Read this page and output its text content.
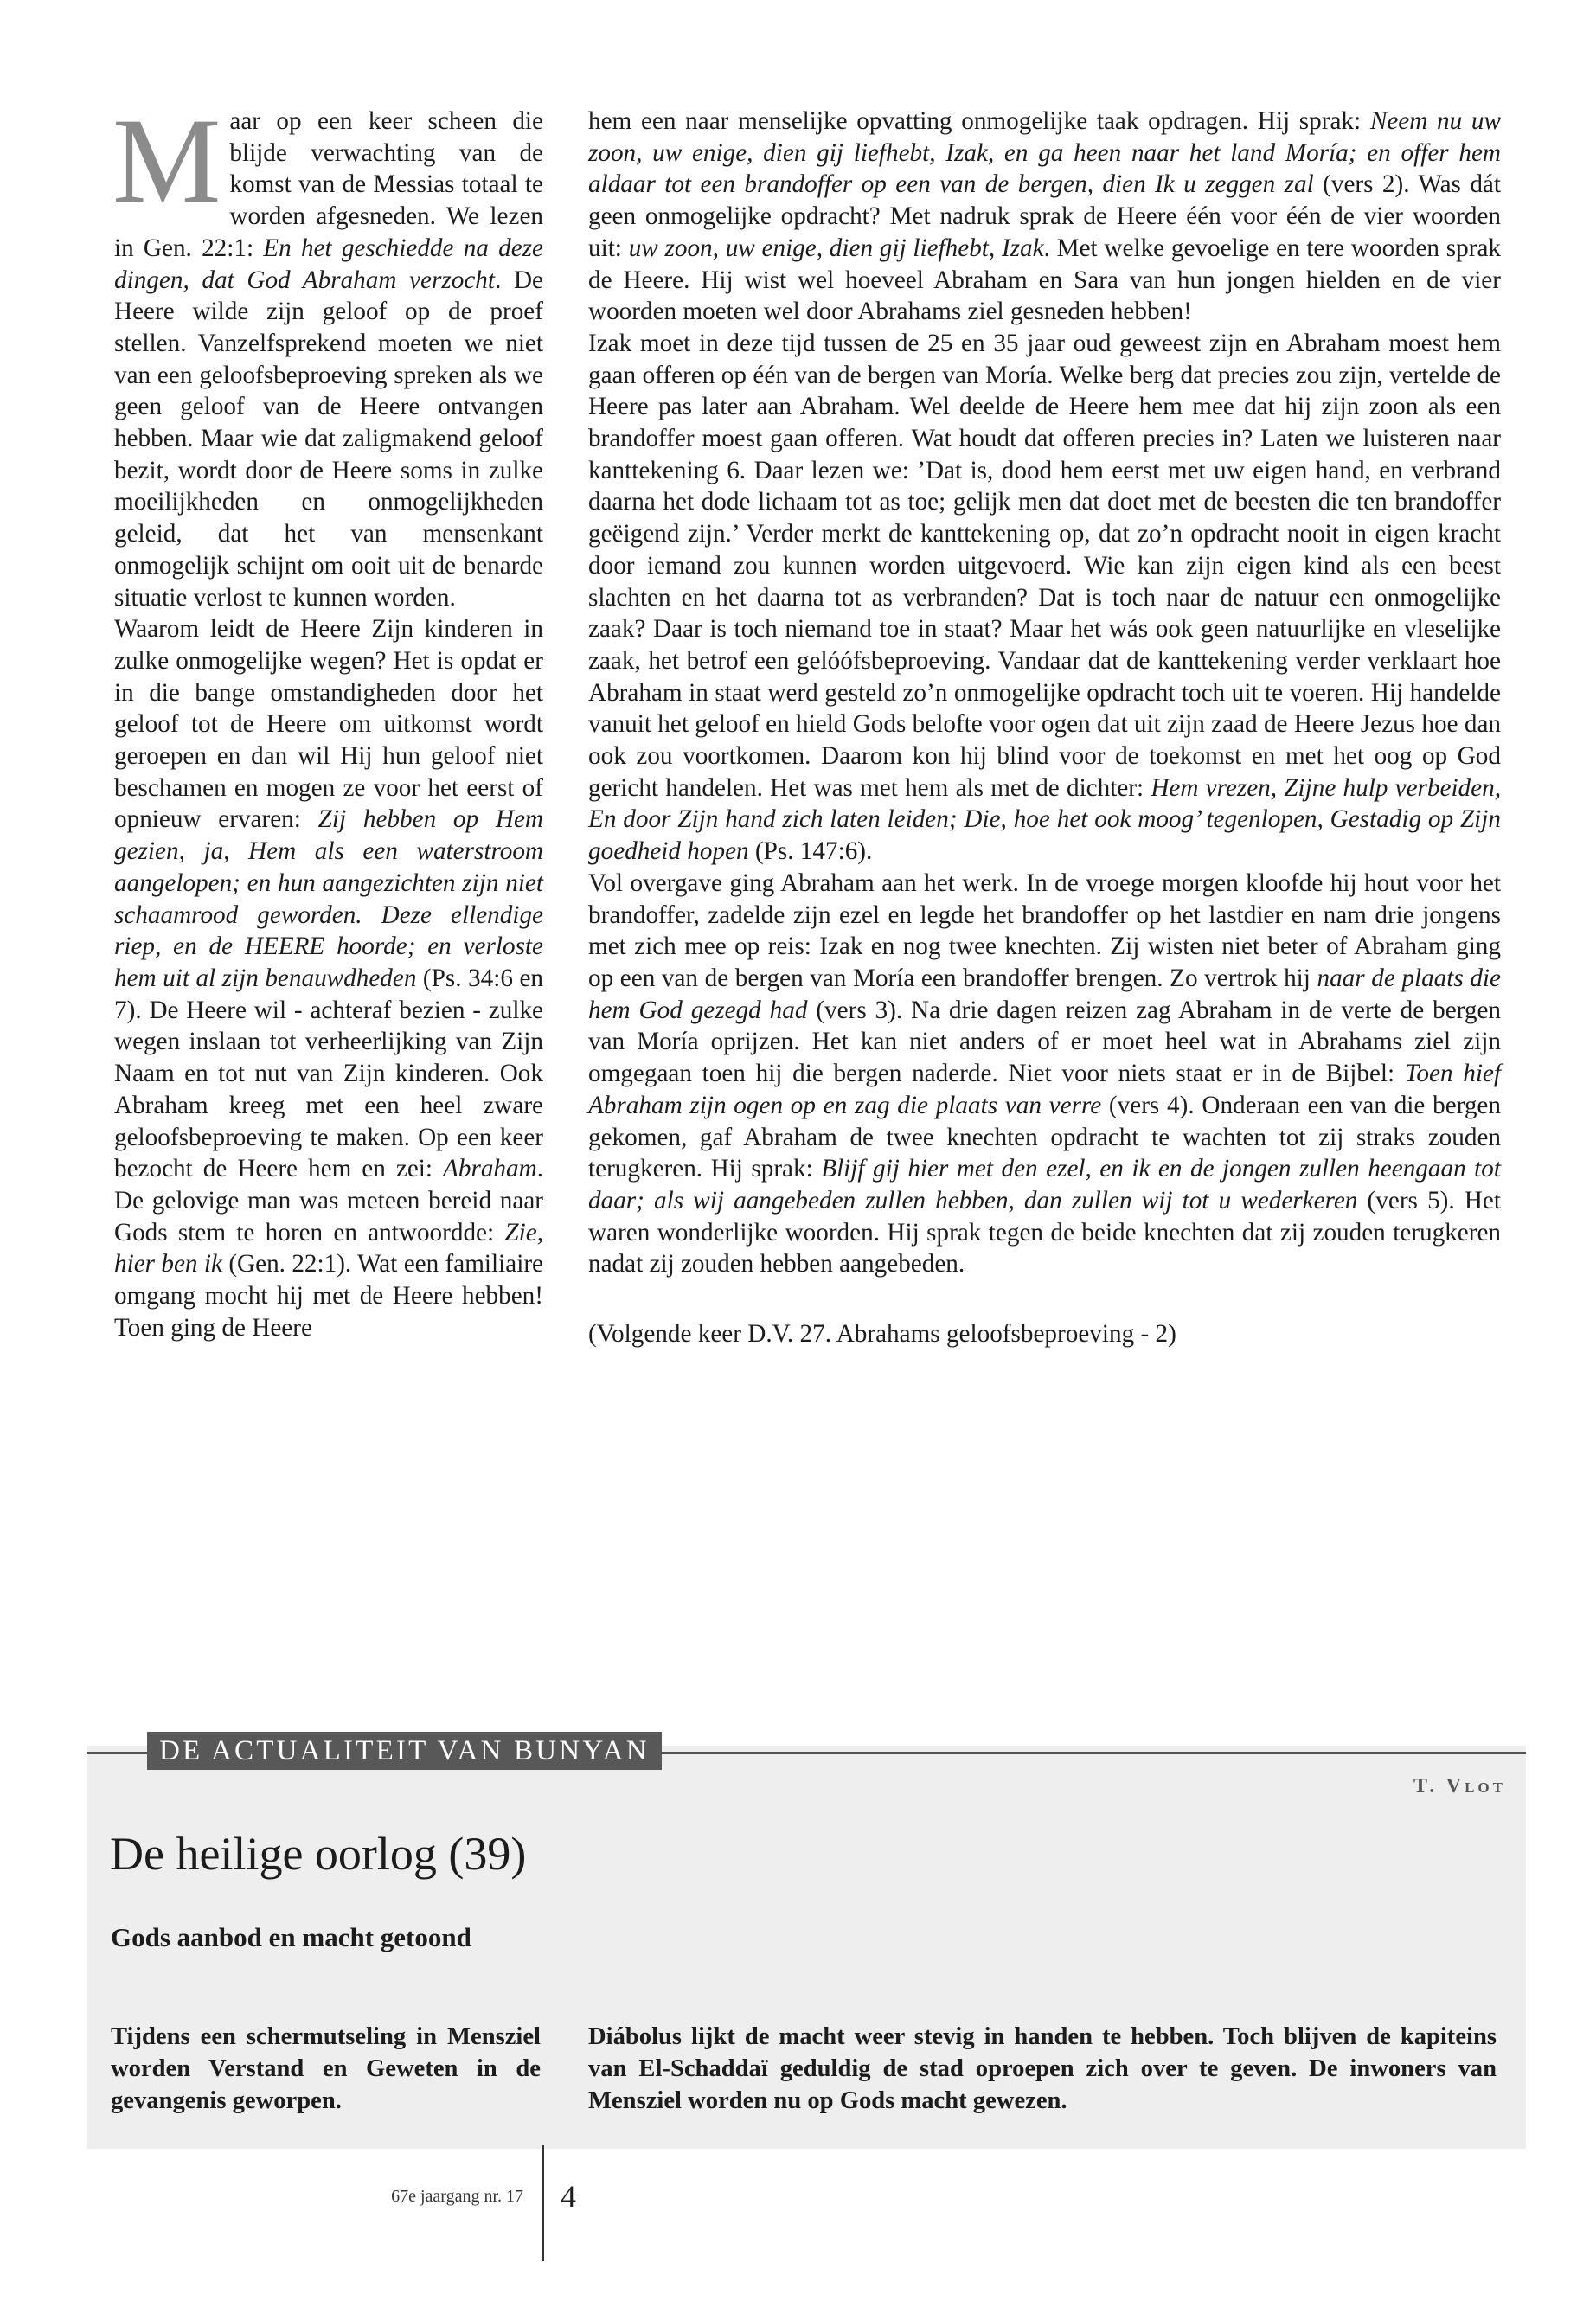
M aar op een keer scheen die blijde verwachting van de komst van de Messias totaal te worden afgesneden. We lezen in Gen. 22:1: En het geschiedde na deze dingen, dat God Abraham verzocht. De Heere wilde zijn geloof op de proef stellen. Vanzelfsprekend moeten we niet van een geloofsbeproeving spreken als we geen geloof van de Heere ontvangen hebben. Maar wie dat zaligmakend geloof bezit, wordt door de Heere soms in zulke moeilijkheden en onmogelijkheden geleid, dat het van mensenkant onmogelijk schijnt om ooit uit de benarde situatie verlost te kunnen worden.

Waarom leidt de Heere Zijn kinderen in zulke onmogelijke wegen? Het is opdat er in die bange omstandigheden door het geloof tot de Heere om uitkomst wordt geroepen en dan wil Hij hun geloof niet beschamen en mogen ze voor het eerst of opnieuw ervaren: Zij hebben op Hem gezien, ja, Hem als een waterstroom aangelopen; en hun aangezichten zijn niet schaamrood geworden. Deze ellendige riep, en de HEERE hoorde; en verloste hem uit al zijn benauwdheden (Ps. 34:6 en 7). De Heere wil - achteraf bezien - zulke wegen inslaan tot verheerlijking van Zijn Naam en tot nut van Zijn kinderen. Ook Abraham kreeg met een heel zware geloofsbeproeving te maken. Op een keer bezocht de Heere hem en zei: Abraham. De gelovige man was meteen bereid naar Gods stem te horen en antwoordde: Zie, hier ben ik (Gen. 22:1). Wat een familiaire omgang mocht hij met de Heere hebben! Toen ging de Heere

hem een naar menselijke opvatting onmogelijke taak opdragen. Hij sprak: Neem nu uw zoon, uw enige, dien gij liefhebt, Izak, en ga heen naar het land Moría; en offer hem aldaar tot een brandoffer op een van de bergen, dien Ik u zeggen zal (vers 2). Was dát geen onmogelijke opdracht? Met nadruk sprak de Heere één voor één de vier woorden uit: uw zoon, uw enige, dien gij liefhebt, Izak. Met welke gevoelige en tere woorden sprak de Heere. Hij wist wel hoeveel Abraham en Sara van hun jongen hielden en de vier woorden moeten wel door Abrahams ziel gesneden hebben!

Izak moet in deze tijd tussen de 25 en 35 jaar oud geweest zijn en Abraham moest hem gaan offeren op één van de bergen van Moría. Welke berg dat precies zou zijn, vertelde de Heere pas later aan Abraham. Wel deelde de Heere hem mee dat hij zijn zoon als een brandoffer moest gaan offeren. Wat houdt dat offeren precies in? Laten we luisteren naar kanttekening 6. Daar lezen we: ’Dat is, dood hem eerst met uw eigen hand, en verbrand daarna het dode lichaam tot as toe; gelijk men dat doet met de beesten die ten brandoffer geëigend zijn.’ Verder merkt de kanttekening op, dat zo’n opdracht nooit in eigen kracht door iemand zou kunnen worden uitgevoerd. Wie kan zijn eigen kind als een beest slachten en het daarna tot as verbranden? Dat is toch naar de natuur een onmogelijke zaak? Daar is toch niemand toe in staat? Maar het wás ook geen natuurlijke en vleselijke zaak, het betrof een gelóófsbeproeving. Vandaar dat de kanttekening verder verklaart hoe Abraham in staat werd gesteld zo’n onmogelijke opdracht toch uit te voeren. Hij handelde vanuit het geloof en hield Gods belofte voor ogen dat uit zijn zaad de Heere Jezus hoe dan ook zou voortkomen. Daarom kon hij blind voor de toekomst en met het oog op God gericht handelen. Het was met hem als met de dichter: Hem vrezen, Zijne hulp verbeiden, En door Zijn hand zich laten leiden; Die, hoe het ook moog’ tegenlopen, Gestadig op Zijn goedheid hopen (Ps. 147:6).

Vol overgave ging Abraham aan het werk. In de vroege morgen kloofde hij hout voor het brandoffer, zadelde zijn ezel en legde het brandoffer op het lastdier en nam drie jongens met zich mee op reis: Izak en nog twee knechten. Zij wisten niet beter of Abraham ging op een van de bergen van Moría een brandoffer brengen. Zo vertrok hij naar de plaats die hem God gezegd had (vers 3). Na drie dagen reizen zag Abraham in de verte de bergen van Moría oprijzen. Het kan niet anders of er moet heel wat in Abrahams ziel zijn omgegaan toen hij die bergen naderde. Niet voor niets staat er in de Bijbel: Toen hief Abraham zijn ogen op en zag die plaats van verre (vers 4). Onderaan een van die bergen gekomen, gaf Abraham de twee knechten opdracht te wachten tot zij straks zouden terugkeren. Hij sprak: Blijf gij hier met den ezel, en ik en de jongen zullen heengaan tot daar; als wij aangebeden zullen hebben, dan zullen wij tot u wederkeren (vers 5). Het waren wonderlijke woorden. Hij sprak tegen de beide knechten dat zij zouden terugkeren nadat zij zouden hebben aangebeden.

(Volgende keer D.V. 27. Abrahams geloofsbeproeving - 2)

DE ACTUALITEIT VAN BUNYAN
T. Vlot
De heilige oorlog (39)
Gods aanbod en macht getoond
Tijdens een schermutseling in Mensziel worden Verstand en Geweten in de gevangenis geworpen.
Diábolus lijkt de macht weer stevig in handen te hebben. Toch blijven de kapiteins van El-Schaddaï geduldig de stad oproepen zich over te geven. De inwoners van Mensziel worden nu op Gods macht gewezen.
67e jaargang nr. 17 4
